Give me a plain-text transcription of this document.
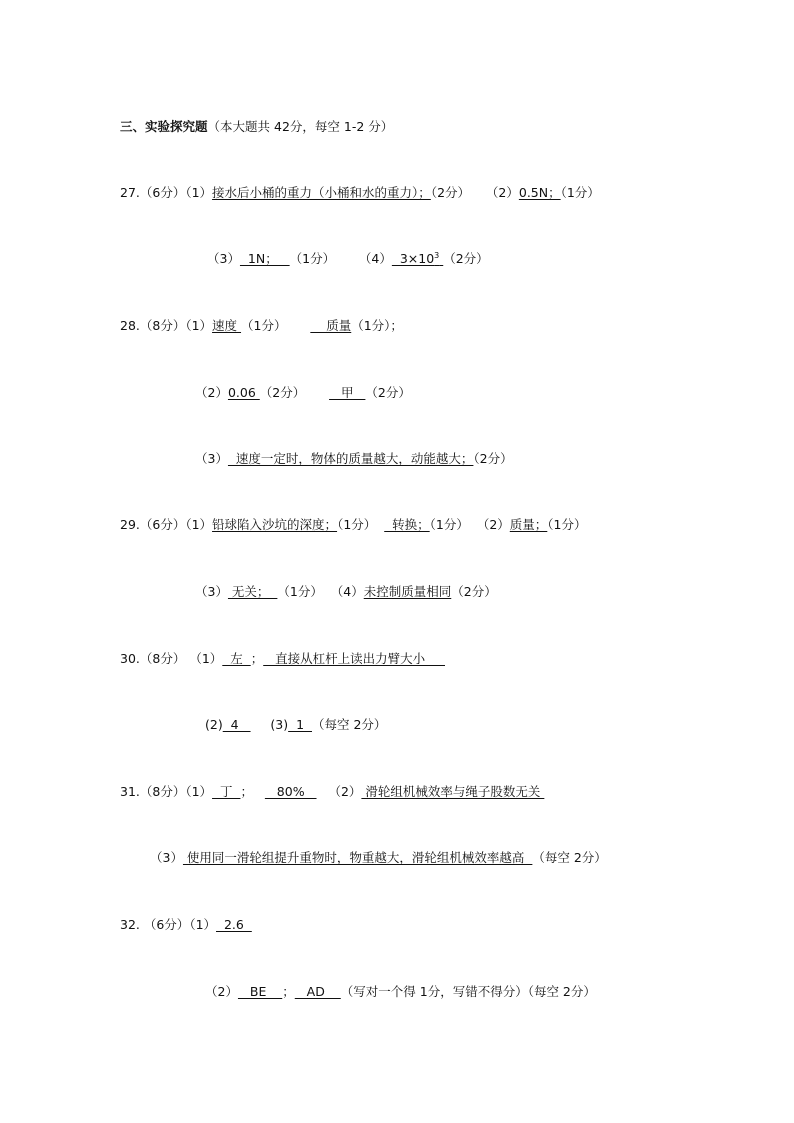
三、实验探究题（本大题共 42分，每空 1-2 分）
27.（6分）（1）接水后小桶的重力（小桶和水的重力）；（2分） （2）0.5N；（1分）
（3）  1N；   （1分） （4）  $3\times 10^3$ （2分）
28.（8分）（1）速度 （1分）          质量（1分）；
（2）0.06 （2分）         甲   （2分）
（3）  速度一定时，物体的质量越大，动能越大；（2分）
29.（6分）（1）铅球陷入沙坑的深度；（1分）    转换；（1分） （2）质量；（1分）
（3） 无关；  （1分） （4）未控制质量相同（2分）
30.（8分） （1）  左  ；   直接从杠杆上读出力臂大小
(2)  4        (3)  1  （每空 2分）
31.（8分）（1）  丁  ；      80%      （2） 滑轮组机械效率与绳子股数无关
（3） 使用同一滑轮组提升重物时，物重越大，滑轮组机械效率越高  （每空 2分）
32. （6分）（1）  2.6
（2）   BE    ；   AD    （写对一个得 1分，写错不得分）（每空 2分）
